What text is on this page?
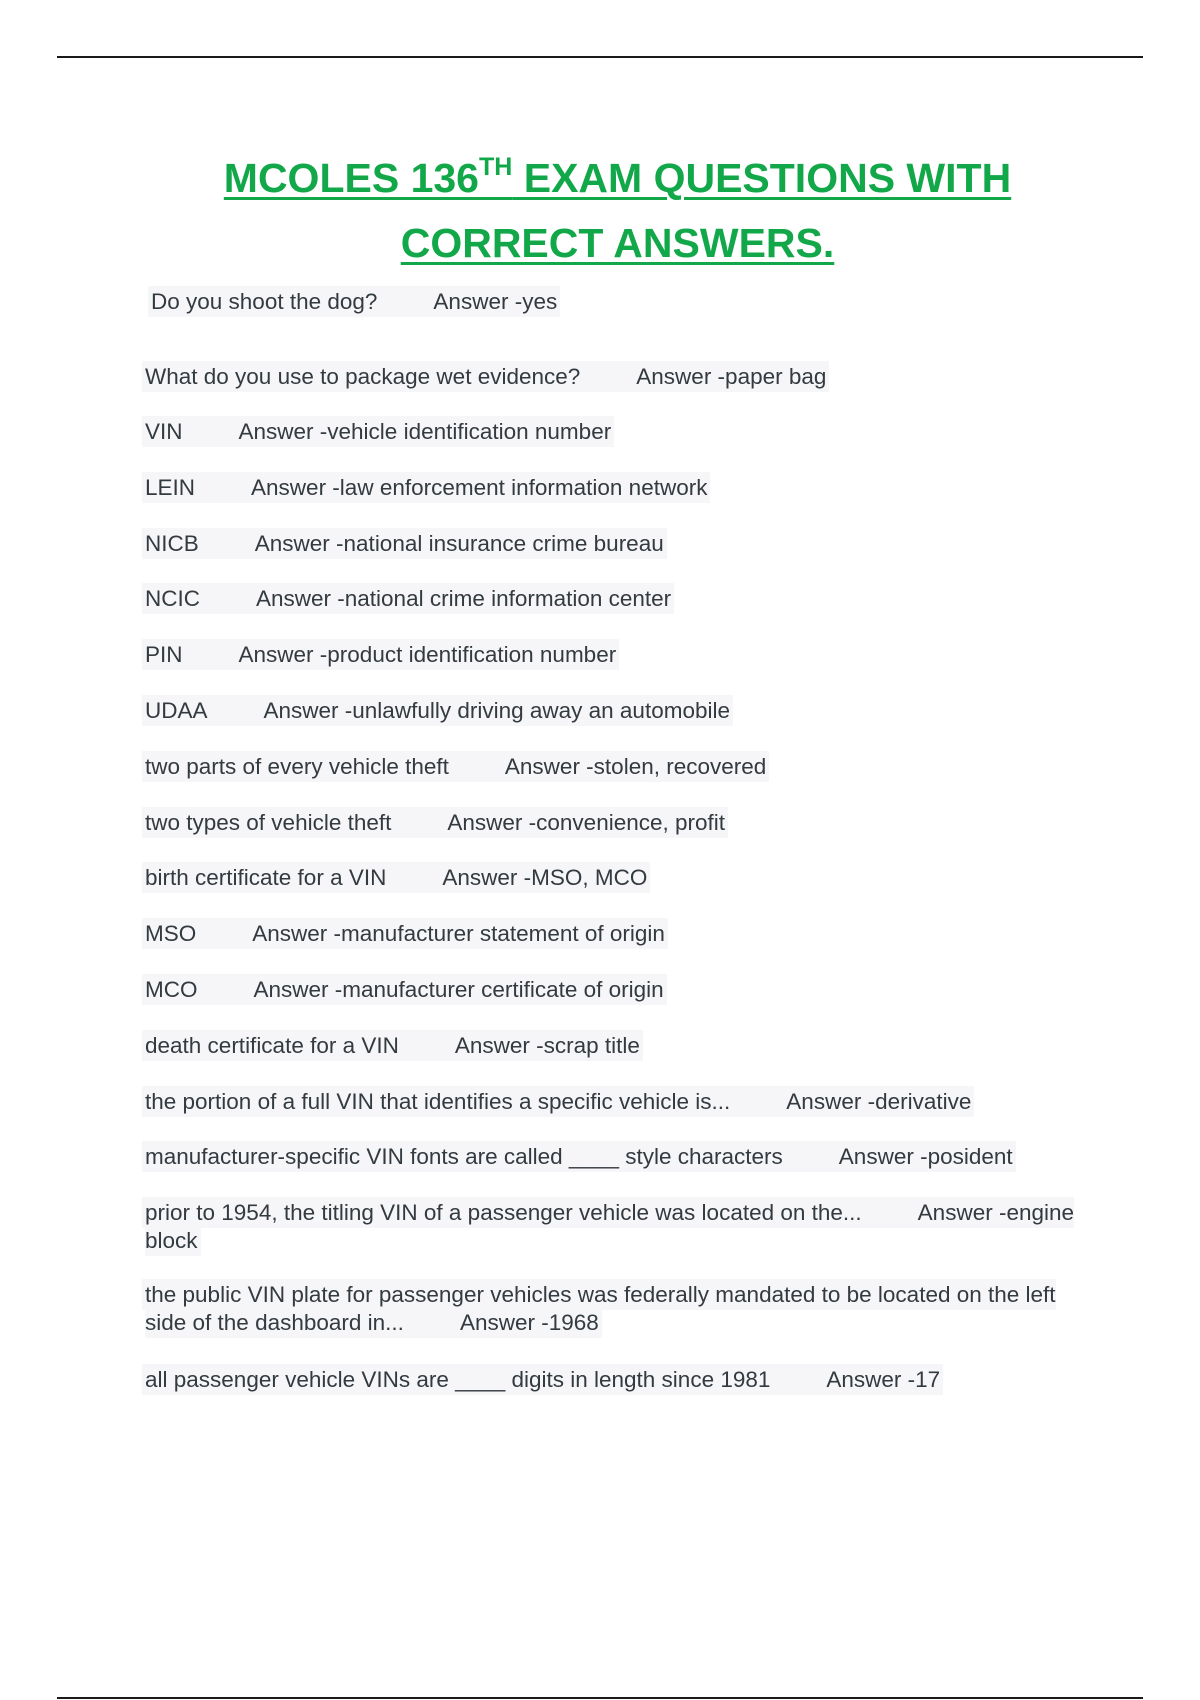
MCOLES 136TH EXAM QUESTIONS WITH
CORRECT ANSWERS.
Do you shoot the dog? Answer -yes
What do you use to package wet evidence? Answer -paper bag
VIN Answer -vehicle identification number
LEIN Answer -law enforcement information network
NICB Answer -national insurance crime bureau
NCIC Answer -national crime information center
PIN Answer -product identification number
UDAA Answer -unlawfully driving away an automobile
two parts of every vehicle theft Answer -stolen, recovered
two types of vehicle theft Answer -convenience, profit
birth certificate for a VIN Answer -MSO, MCO
MSO Answer -manufacturer statement of origin
MCO Answer -manufacturer certificate of origin
death certificate for a VIN Answer -scrap title
the portion of a full VIN that identifies a specific vehicle is... Answer -derivative
manufacturer-specific VIN fonts are called ____ style characters Answer -posident
prior to 1954, the titling VIN of a passenger vehicle was located on the... Answer -engine block
the public VIN plate for passenger vehicles was federally mandated to be located on the left side of the dashboard in... Answer -1968
all passenger vehicle VINs are ____ digits in length since 1981 Answer -17
